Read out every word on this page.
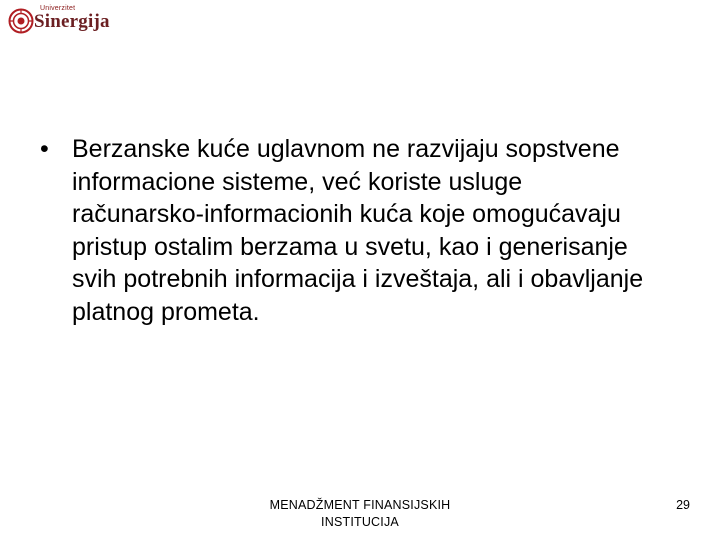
Univerzitet
Sinergija
• Berzanske kuće uglavnom ne razvijaju sopstvene informacione sisteme, već koriste usluge računarsko-informacionih kuća koje omogućavaju pristup ostalim berzama u svetu, kao i generisanje svih potrebnih informacija i izveštaja, ali i obavljanje platnog prometa.
MENADŽMENT FINANSIJSKIH
INSTITUCIJA
29
